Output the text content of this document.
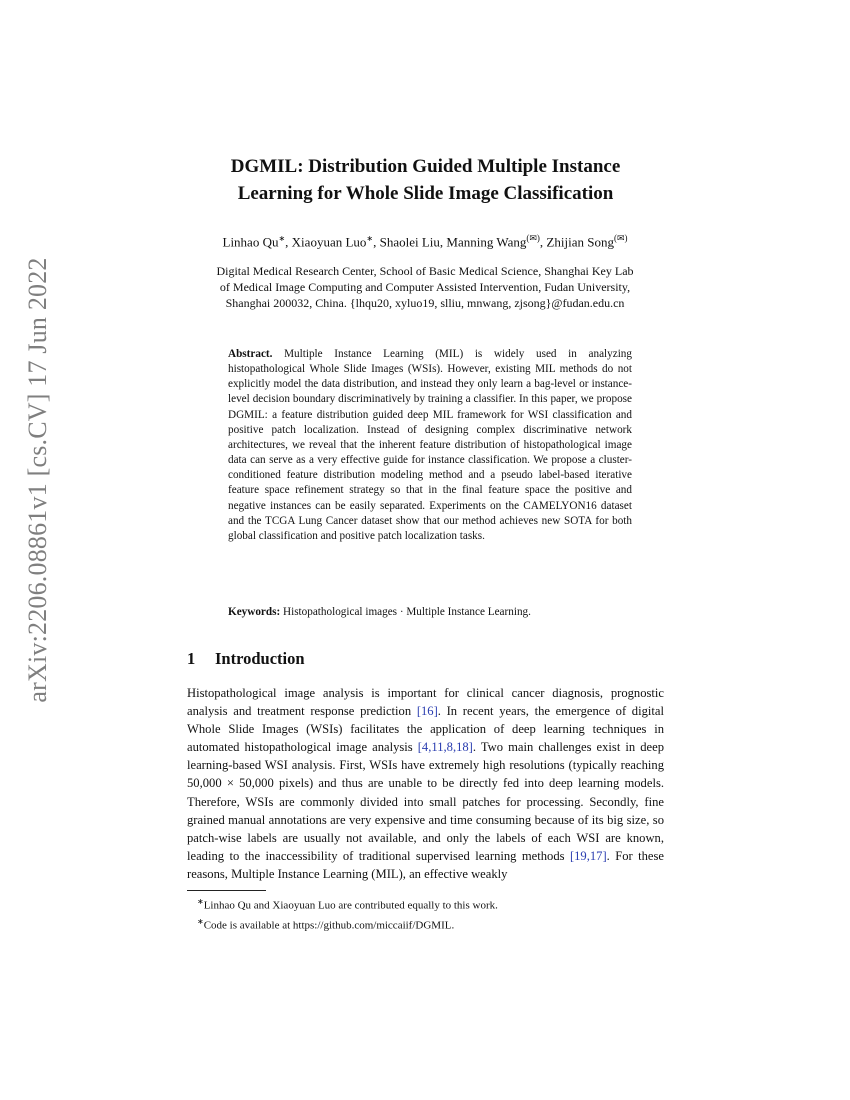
arXiv:2206.08861v1 [cs.CV] 17 Jun 2022
DGMIL: Distribution Guided Multiple Instance
Learning for Whole Slide Image Classification
Linhao Qu∗, Xiaoyuan Luo∗, Shaolei Liu, Manning Wang(✉), Zhijian Song(✉)
Digital Medical Research Center, School of Basic Medical Science, Shanghai Key Lab
of Medical Image Computing and Computer Assisted Intervention, Fudan University,
Shanghai 200032, China. {lhqu20, xyluo19, slliu, mnwang, zjsong}@fudan.edu.cn
Abstract. Multiple Instance Learning (MIL) is widely used in analyzing histopathological Whole Slide Images (WSIs). However, existing MIL methods do not explicitly model the data distribution, and instead they only learn a bag-level or instance-level decision boundary discriminatively by training a classifier. In this paper, we propose DGMIL: a feature distribution guided deep MIL framework for WSI classification and positive patch localization. Instead of designing complex discriminative network architectures, we reveal that the inherent feature distribution of histopathological image data can serve as a very effective guide for instance classification. We propose a cluster-conditioned feature distribution modeling method and a pseudo label-based iterative feature space refinement strategy so that in the final feature space the positive and negative instances can be easily separated. Experiments on the CAMELYON16 dataset and the TCGA Lung Cancer dataset show that our method achieves new SOTA for both global classification and positive patch localization tasks.
Keywords: Histopathological images · Multiple Instance Learning.
1 Introduction
Histopathological image analysis is important for clinical cancer diagnosis, prognostic analysis and treatment response prediction [16]. In recent years, the emergence of digital Whole Slide Images (WSIs) facilitates the application of deep learning techniques in automated histopathological image analysis [4,11,8,18]. Two main challenges exist in deep learning-based WSI analysis. First, WSIs have extremely high resolutions (typically reaching 50,000 × 50,000 pixels) and thus are unable to be directly fed into deep learning models. Therefore, WSIs are commonly divided into small patches for processing. Secondly, fine grained manual annotations are very expensive and time consuming because of its big size, so patch-wise labels are usually not available, and only the labels of each WSI are known, leading to the inaccessibility of traditional supervised learning methods [19,17]. For these reasons, Multiple Instance Learning (MIL), an effective weakly
∗Linhao Qu and Xiaoyuan Luo are contributed equally to this work.
∗Code is available at https://github.com/miccaiif/DGMIL.
